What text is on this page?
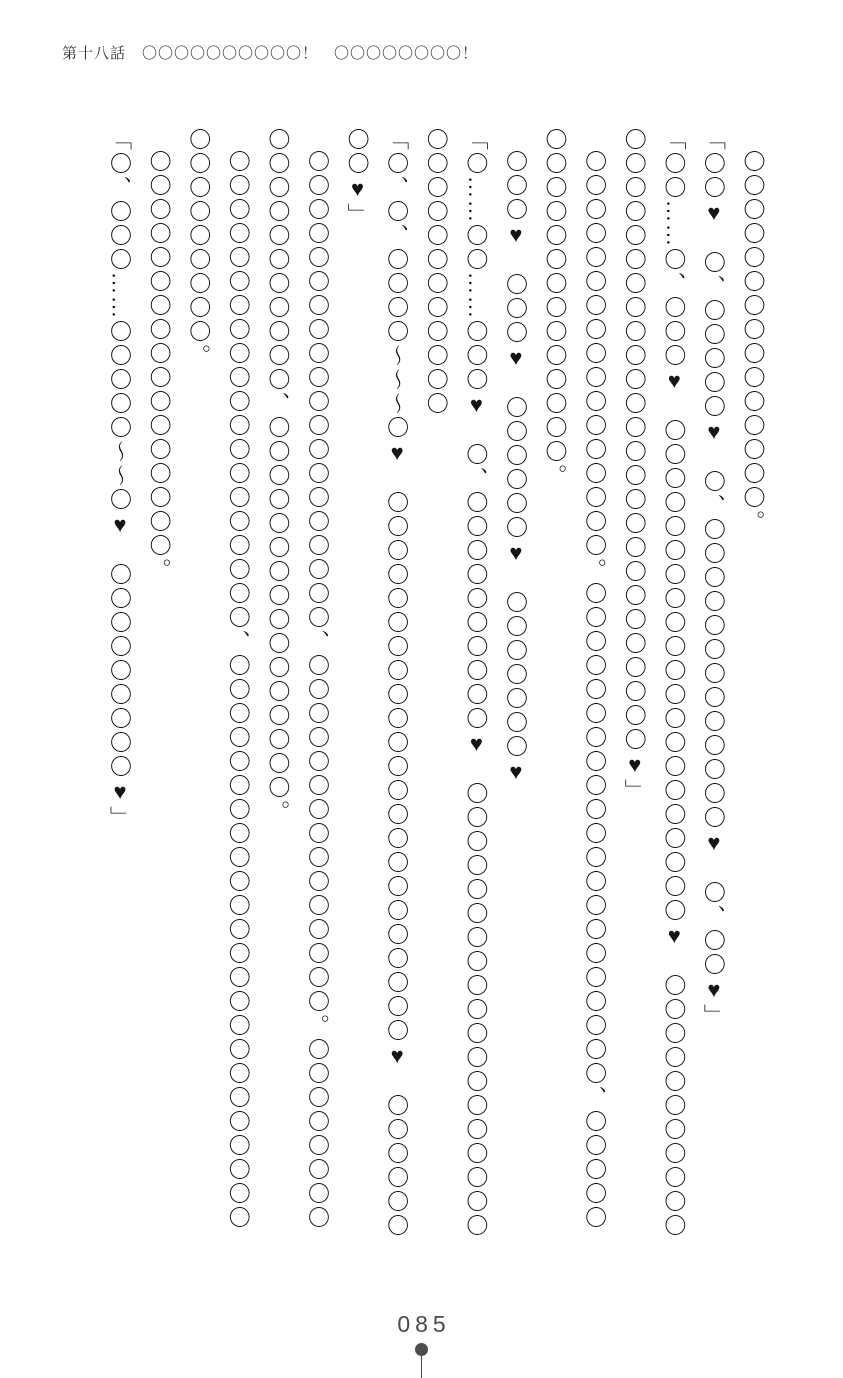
第十八話　〇〇〇〇〇〇〇〇〇〇！　〇〇〇〇〇〇〇〇！

〇〇〇〇〇〇〇〇〇〇〇〇〇〇〇。

「〇〇♥　〇、〇〇〇〇〇♥　〇、〇〇〇〇〇〇〇〇〇〇〇〇〇♥　〇、〇〇♥」

「〇〇……〇、〇〇〇♥　〇〇〇〇〇〇〇〇〇〇〇〇〇〇〇〇〇〇〇〇〇♥　〇〇〇〇〇〇〇〇〇〇〇〇〇〇〇〇〇〇〇〇〇〇〇〇〇〇〇〇〇〇〇〇〇〇〇〇〇♥」

〇〇〇〇〇〇〇〇〇〇〇〇〇〇〇〇〇。〇〇〇〇〇〇〇〇〇〇〇〇〇〇〇〇〇〇〇〇〇、〇〇〇〇〇〇〇〇〇〇〇〇〇〇〇〇〇〇〇。

〇〇〇♥　〇〇〇♥　〇〇〇〇〇〇♥　〇〇〇〇〇〇〇♥

「〇……〇〇……〇〇〇♥　〇、〇〇〇〇〇〇〇〇〇〇♥　〇〇〇〇〇〇〇〇〇〇〇〇〇〇〇〇〇〇〇〇〇〇〇〇〇〇〇〇〇〇〇

「〇、〇、〇〇〇〇〜〜〜〇♥　〇〇〇〇〇〇〇〇〇〇〇〇〇〇〇〇〇〇〇〇〇〇〇♥　〇〇〇〇〇〇〇〇♥」

〇〇〇〇〇〇〇〇〇〇〇〇〇〇〇〇〇〇〇〇、〇〇〇〇〇〇〇〇〇〇〇〇〇〇〇。〇〇〇〇〇〇〇〇〇〇〇〇〇〇〇〇〇〇〇、〇〇〇〇〇〇〇〇〇〇〇〇〇〇〇〇。

〇〇〇〇〇〇〇〇〇〇〇〇〇〇〇〇〇〇〇〇、〇〇〇〇〇〇〇〇〇〇〇〇〇〇〇〇〇〇〇〇〇〇〇〇〇〇〇〇〇〇〇〇〇。

〇〇〇〇〇〇〇〇〇〇〇〇〇〇〇〇〇。

「〇、〇〇〇……〇〇〇〇〇〜〜〇♥　〇〇〇〇〇〇〇〇〇♥」

085
